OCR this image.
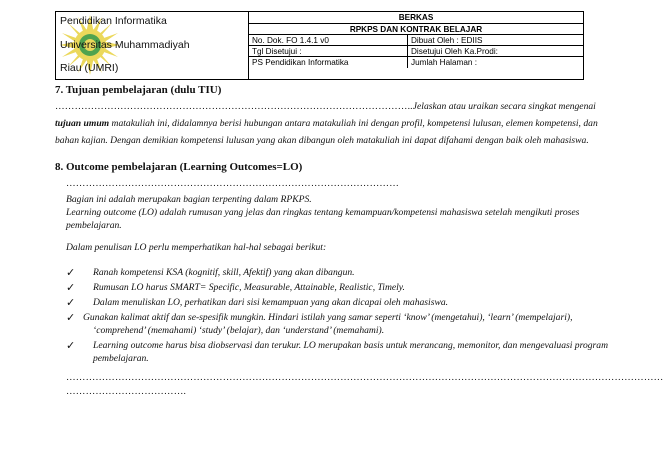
Pendidikan Informatika
Universitas Muhammadiyah
Riau (UMRI)
BERKAS
RPKPS DAN KONTRAK BELAJAR
No. Dok. FO 1.4.1 v0	Dibuat Oleh : EDIIS
Tgl Disetujui :	Disetujui Oleh Ka.Prodi:
PS Pendidikan Informatika	Jumlah Halaman :
7. Tujuan pembelajaran (dulu TIU)
………………………………………………………………………………………………..Jelaskan atau uraikan secara singkat mengenai
tujuan umum matakuliah ini, didalamnya berisi hubungan antara matakuliah ini dengan profil, kompetensi lulusan, elemen kompetensi, dan
bahan kajian. Dengan demikian kompetensi lulusan yang akan dibangun oleh matakuliah ini dapat difahami dengan baik oleh mahasiswa.
8. Outcome pembelajaran (Learning Outcomes=LO)
…………………………………………………………………………………………
Bagian ini adalah merupakan bagian terpenting dalam RPKPS.
Learning outcome (LO) adalah rumusan yang jelas dan ringkas tentang kemampuan/kompetensi mahasiswa setelah mengikuti proses
pembelajaran.
Dalam penulisan LO perlu memperhatikan hal-hal sebagai berikut:
✓ Ranah kompetensi KSA (kognitif, skill, Afektif) yang akan dibangun.
✓ Rumusan LO harus SMART= Specific, Measurable, Attainable, Realistic, Timely.
✓ Dalam menuliskan LO, perhatikan dari sisi kemampuan yang akan dicapai oleh mahasiswa.
✓ Gunakan kalimat aktif dan se-spesifik mungkin. Hindari istilah yang samar seperti ‘know’ (mengetahui), ‘learn’ (mempelajari),
‘comprehend’ (memahami) ‘study’ (belajar), dan ‘understand’ (memahami).
✓ Learning outcome harus bisa diobservasi dan terukur. LO merupakan basis untuk merancang, memonitor, dan mengevaluasi program
pembelajaran.
…………………………………………………………………………………………………………………………………………………………………
……………………………….
